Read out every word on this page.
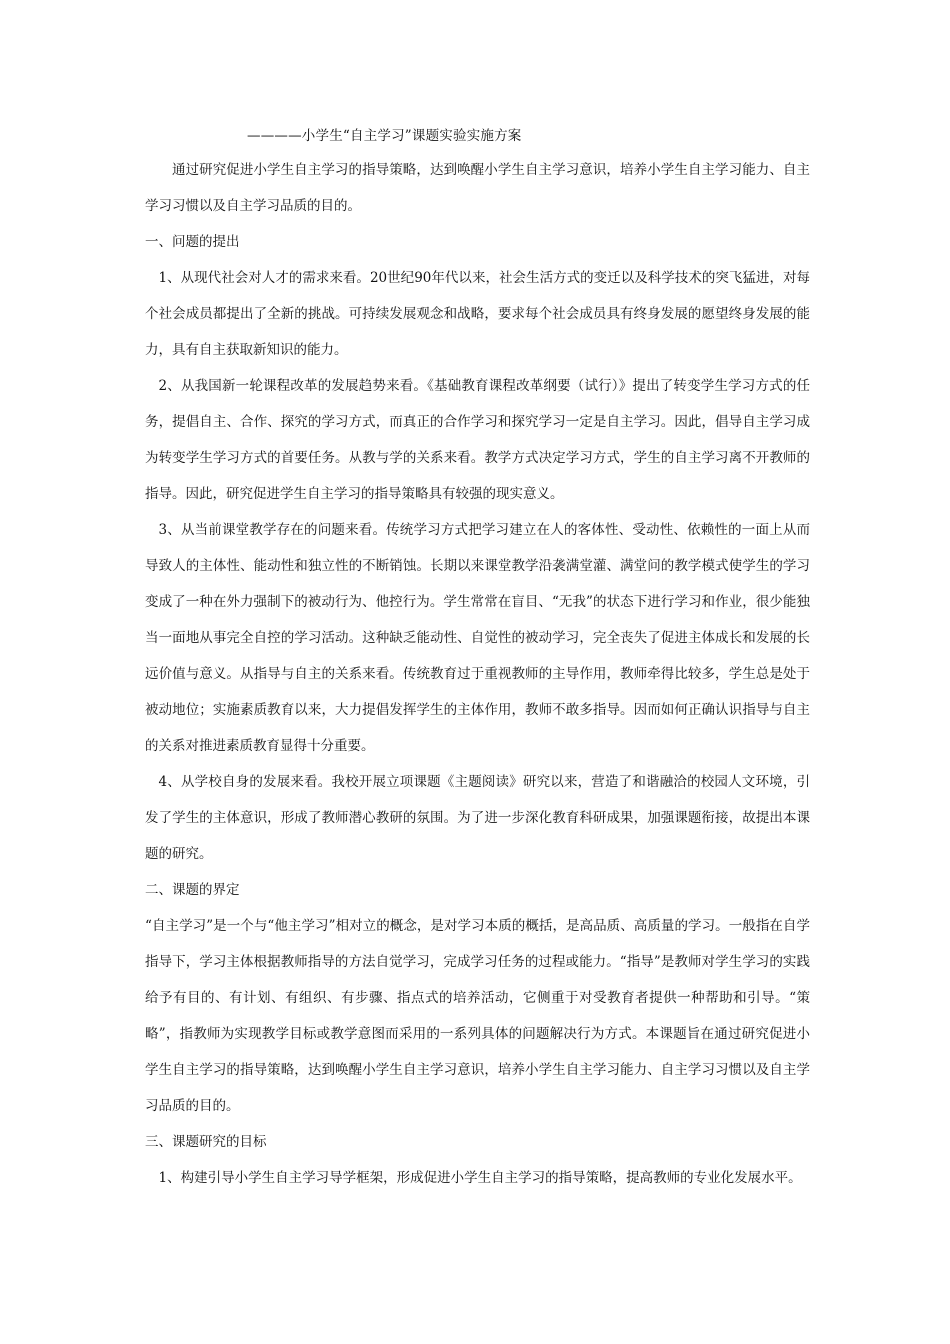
————小学生“自主学习”课题实验实施方案

通过研究促进小学生自主学习的指导策略，达到唤醒小学生自主学习意识，培养小学生自主学习能力、自主学习习惯以及自主学习品质的目的。

一、问题的提出

1、从现代社会对人才的需求来看。20世纪90年代以来，社会生活方式的变迁以及科学技术的突飞猛进，对每个社会成员都提出了全新的挑战。可持续发展观念和战略，要求每个社会成员具有终身发展的愿望终身发展的能力，具有自主获取新知识的能力。

2、从我国新一轮课程改革的发展趋势来看。《基础教育课程改革纲要（试行）》提出了转变学生学习方式的任务，提倡自主、合作、探究的学习方式，而真正的合作学习和探究学习一定是自主学习。因此，倡导自主学习成为转变学生学习方式的首要任务。从教与学的关系来看。教学方式决定学习方式，学生的自主学习离不开教师的指导。因此，研究促进学生自主学习的指导策略具有较强的现实意义。

3、从当前课堂教学存在的问题来看。传统学习方式把学习建立在人的客体性、受动性、依赖性的一面上从而导致人的主体性、能动性和独立性的不断销蚀。长期以来课堂教学沿袭满堂灌、满堂问的教学模式使学生的学习变成了一种在外力强制下的被动行为、他控行为。学生常常在盲目、“无我”的状态下进行学习和作业，很少能独当一面地从事完全自控的学习活动。这种缺乏能动性、自觉性的被动学习，完全丧失了促进主体成长和发展的长远价值与意义。从指导与自主的关系来看。传统教育过于重视教师的主导作用，教师牵得比较多，学生总是处于被动地位；实施素质教育以来，大力提倡发挥学生的主体作用，教师不敢多指导。因而如何正确认识指导与自主的关系对推进素质教育显得十分重要。

4、从学校自身的发展来看。我校开展立项课题《主题阅读》研究以来，营造了和谐融洽的校园人文环境，引发了学生的主体意识，形成了教师潜心教研的氛围。为了进一步深化教育科研成果，加强课题衔接，故提出本课题的研究。

二、课题的界定

“自主学习”是一个与“他主学习”相对立的概念，是对学习本质的概括，是高品质、高质量的学习。一般指在自学指导下，学习主体根据教师指导的方法自觉学习，完成学习任务的过程或能力。“指导”是教师对学生学习的实践给予有目的、有计划、有组织、有步骤、指点式的培养活动，它侧重于对受教育者提供一种帮助和引导。“策略”，指教师为实现教学目标或教学意图而采用的一系列具体的问题解决行为方式。本课题旨在通过研究促进小学生自主学习的指导策略，达到唤醒小学生自主学习意识，培养小学生自主学习能力、自主学习习惯以及自主学习品质的目的。

三、课题研究的目标

1、构建引导小学生自主学习导学框架，形成促进小学生自主学习的指导策略，提高教师的专业化发展水平。
